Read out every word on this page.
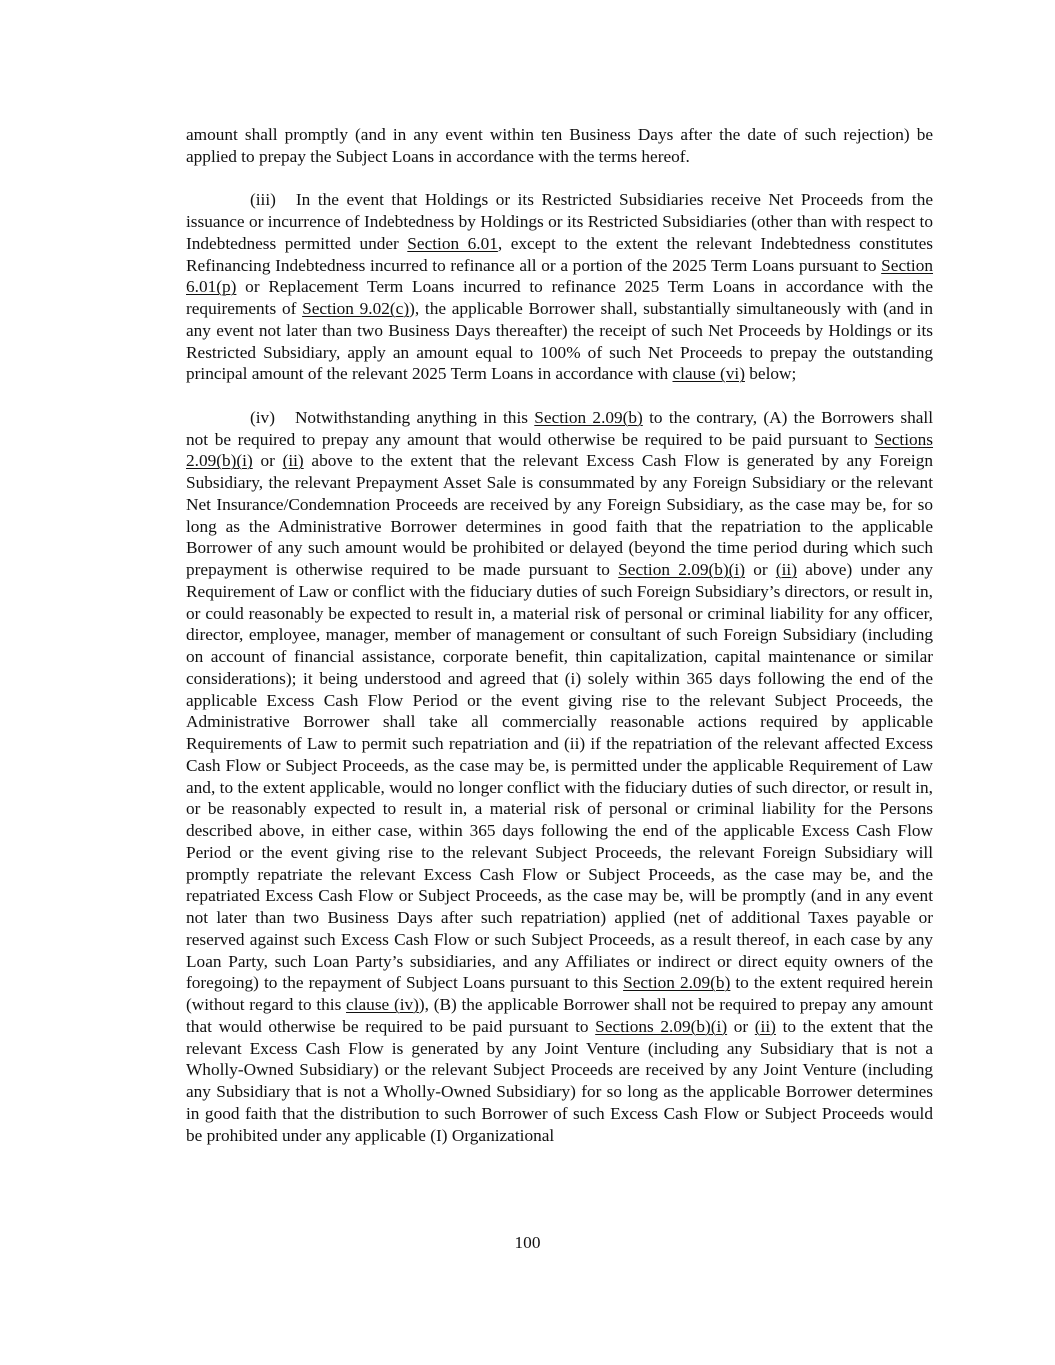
amount shall promptly (and in any event within ten Business Days after the date of such rejection) be applied to prepay the Subject Loans in accordance with the terms hereof.

(iii) In the event that Holdings or its Restricted Subsidiaries receive Net Proceeds from the issuance or incurrence of Indebtedness by Holdings or its Restricted Subsidiaries (other than with respect to Indebtedness permitted under Section 6.01, except to the extent the relevant Indebtedness constitutes Refinancing Indebtedness incurred to refinance all or a portion of the 2025 Term Loans pursuant to Section 6.01(p) or Replacement Term Loans incurred to refinance 2025 Term Loans in accordance with the requirements of Section 9.02(c)), the applicable Borrower shall, substantially simultaneously with (and in any event not later than two Business Days thereafter) the receipt of such Net Proceeds by Holdings or its Restricted Subsidiary, apply an amount equal to 100% of such Net Proceeds to prepay the outstanding principal amount of the relevant 2025 Term Loans in accordance with clause (vi) below;

(iv) Notwithstanding anything in this Section 2.09(b) to the contrary, (A) the Borrowers shall not be required to prepay any amount that would otherwise be required to be paid pursuant to Sections 2.09(b)(i) or (ii) above to the extent that the relevant Excess Cash Flow is generated by any Foreign Subsidiary, the relevant Prepayment Asset Sale is consummated by any Foreign Subsidiary or the relevant Net Insurance/Condemnation Proceeds are received by any Foreign Subsidiary, as the case may be, for so long as the Administrative Borrower determines in good faith that the repatriation to the applicable Borrower of any such amount would be prohibited or delayed (beyond the time period during which such prepayment is otherwise required to be made pursuant to Section 2.09(b)(i) or (ii) above) under any Requirement of Law or conflict with the fiduciary duties of such Foreign Subsidiary’s directors, or result in, or could reasonably be expected to result in, a material risk of personal or criminal liability for any officer, director, employee, manager, member of management or consultant of such Foreign Subsidiary (including on account of financial assistance, corporate benefit, thin capitalization, capital maintenance or similar considerations); it being understood and agreed that (i) solely within 365 days following the end of the applicable Excess Cash Flow Period or the event giving rise to the relevant Subject Proceeds, the Administrative Borrower shall take all commercially reasonable actions required by applicable Requirements of Law to permit such repatriation and (ii) if the repatriation of the relevant affected Excess Cash Flow or Subject Proceeds, as the case may be, is permitted under the applicable Requirement of Law and, to the extent applicable, would no longer conflict with the fiduciary duties of such director, or result in, or be reasonably expected to result in, a material risk of personal or criminal liability for the Persons described above, in either case, within 365 days following the end of the applicable Excess Cash Flow Period or the event giving rise to the relevant Subject Proceeds, the relevant Foreign Subsidiary will promptly repatriate the relevant Excess Cash Flow or Subject Proceeds, as the case may be, and the repatriated Excess Cash Flow or Subject Proceeds, as the case may be, will be promptly (and in any event not later than two Business Days after such repatriation) applied (net of additional Taxes payable or reserved against such Excess Cash Flow or such Subject Proceeds, as a result thereof, in each case by any Loan Party, such Loan Party’s subsidiaries, and any Affiliates or indirect or direct equity owners of the foregoing) to the repayment of Subject Loans pursuant to this Section 2.09(b) to the extent required herein (without regard to this clause (iv)), (B) the applicable Borrower shall not be required to prepay any amount that would otherwise be required to be paid pursuant to Sections 2.09(b)(i) or (ii) to the extent that the relevant Excess Cash Flow is generated by any Joint Venture (including any Subsidiary that is not a Wholly-Owned Subsidiary) or the relevant Subject Proceeds are received by any Joint Venture (including any Subsidiary that is not a Wholly-Owned Subsidiary) for so long as the applicable Borrower determines in good faith that the distribution to such Borrower of such Excess Cash Flow or Subject Proceeds would be prohibited under any applicable (I) Organizational

100
